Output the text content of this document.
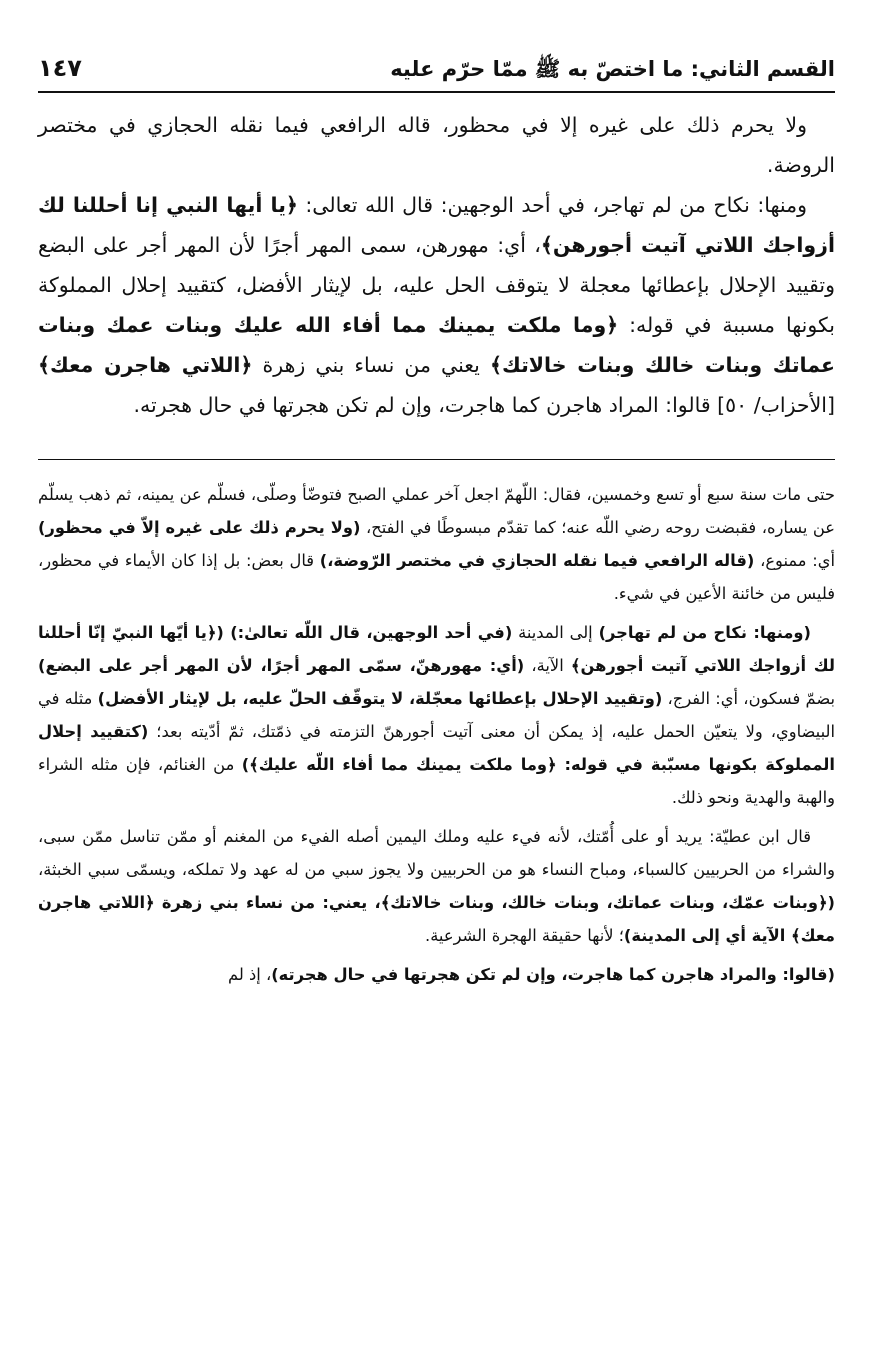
القسم الثاني: ما اختصّ به ﷺ ممّا حرّم عليه
١٤٧

ولا يحرم ذلك على غيره إلا في محظور، قاله الرافعي فيما نقله الحجازي في مختصر الروضة.

ومنها: نكاح من لم تهاجر، في أحد الوجهين: قال الله تعالى: ﴿يا أيها النبي إنا أحللنا لك أزواجك اللاتي آتيت أجورهن﴾، أي: مهورهن، سمى المهر أجرًا لأن المهر أجر على البضع وتقييد الإحلال بإعطائها معجلة لا يتوقف الحل عليه، بل لإيثار الأفضل، كتقييد إحلال المملوكة بكونها مسببة في قوله: ﴿وما ملكت يمينك مما أفاء الله عليك وبنات عمك وبنات عماتك وبنات خالك وبنات خالاتك﴾ يعني من نساء بني زهرة ﴿اللاتي هاجرن معك﴾ [الأحزاب/ ٥٠] قالوا: المراد هاجرن كما هاجرت، وإن لم تكن هجرتها في حال هجرته.

حتى مات سنة سبع أو تسع وخمسين، فقال: اللّهمّ اجعل آخر عملي الصبح فتوضّأ وصلّى، فسلّم عن يمينه، ثم ذهب يسلّم عن يساره، فقبضت روحه رضي اللّه عنه؛ كما تقدّم مبسوطًا في الفتح، (ولا يحرم ذلك على غيره إلاّ في محظور) أي: ممنوع، (قاله الرافعي فيما نقله الحجازي في مختصر الرّوضة،) قال بعض: بل إذا كان الأيماء في محظور، فليس من خائنة الأعين في شيء.

(ومنها: نكاح من لم تهاجر) إلى المدينة (في أحد الوجهين، قال اللّه تعالىٰ:) (﴿يا أيّها النبيّ إنّا أحللنا لك أزواجك اللاتي آتيت أجورهن﴾ الآية، (أي: مهورهنّ، سمّى المهر أجرًا، لأن المهر أجر على البضع) بضمّ فسكون، أي: الفرج، (وتقييد الإحلال بإعطائها معجّلة، لا يتوقّف الحلّ عليه، بل لإيثار الأفضل) مثله في البيضاوي، ولا يتعيّن الحمل عليه، إذ يمكن أن معنى آتيت أجورهنّ التزمته في ذمّتك، ثمّ أدّيته بعد؛ (كتقييد إحلال المملوكة بكونها مسبّبة في قوله: ﴿وما ملكت يمينك مما أفاء اللّه عليك﴾) من الغنائم، فإن مثله الشراء والهبة والهدية ونحو ذلك.

قال ابن عطيّة: يريد أو على أُمّتك، لأنه فيء عليه وملك اليمين أصله الفيء من المغنم أو ممّن تناسل ممّن سبى، والشراء من الحربيين كالسباء، ومباح النساء هو من الحربيين ولا يجوز سبي من له عهد ولا تملكه، ويسمّى سبي الخبثة، (﴿وبنات عمّك، وبنات عماتك، وبنات خالك، وبنات خالاتك﴾، يعني: من نساء بني زهرة ﴿اللاتي هاجرن معك﴾ الآية أي إلى المدينة)؛ لأنها حقيقة الهجرة الشرعية.

(قالوا: والمراد هاجرن كما هاجرت، وإن لم تكن هجرتها في حال هجرته)، إذ لم
